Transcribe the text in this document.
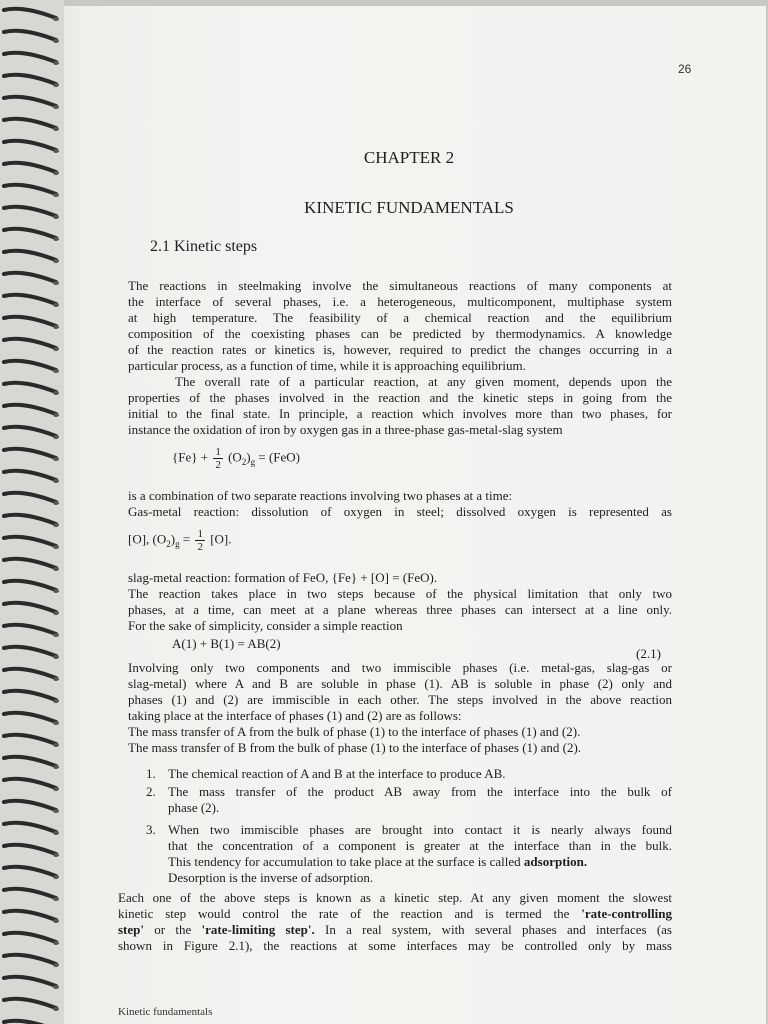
26
CHAPTER 2
KINETIC FUNDAMENTALS
2.1 Kinetic steps
The reactions in steelmaking involve the simultaneous reactions of many components at
the interface of several phases, i.e. a heterogeneous, multicomponent, multiphase system
at high temperature. The feasibility of a chemical reaction and the equilibrium
composition of the coexisting phases can be predicted by thermodynamics. A knowledge
of the reaction rates or kinetics is, however, required to predict the changes occurring in a
particular process, as a function of time, while it is approaching equilibrium.
The overall rate of a particular reaction, at any given moment, depends upon the
properties of the phases involved in the reaction and the kinetic steps in going from the
initial to the final state. In principle, a reaction which involves more than two phases, for
instance the oxidation of iron by oxygen gas in a three-phase gas-metal-slag system
$\{Fe\} + \frac{1}{2} (O_2)_g = (FeO)$
is a combination of two separate reactions involving two phases at a time:
Gas-metal reaction: dissolution of oxygen in steel; dissolved oxygen is represented as
[O], $(O_2)_g = \frac{1}{2} [O]$.
slag-metal reaction: formation of FeO, {Fe} + [O] = (FeO).
The reaction takes place in two steps because of the physical limitation that only two
phases, at a time, can meet at a plane whereas three phases can intersect at a line only.
For the sake of simplicity, consider a simple reaction
A(1) + B(1) = AB(2)
(2.1)
Involving only two components and two immiscible phases (i.e. metal-gas, slag-gas or
slag-metal) where A and B are soluble in phase (1). AB is soluble in phase (2) only and
phases (1) and (2) are immiscible in each other. The steps involved in the above reaction
taking place at the interface of phases (1) and (2) are as follows:
The mass transfer of A from the bulk of phase (1) to the interface of phases (1) and (2).
The mass transfer of B from the bulk of phase (1) to the interface of phases (1) and (2).
1. The chemical reaction of A and B at the interface to produce AB.
2. The mass transfer of the product AB away from the interface into the bulk of
phase (2).
3. When two immiscible phases are brought into contact it is nearly always found
that the concentration of a component is greater at the interface than in the bulk.
This tendency for accumulation to take place at the surface is called adsorption.
Desorption is the inverse of adsorption.
Each one of the above steps is known as a kinetic step. At any given moment the slowest
kinetic step would control the rate of the reaction and is termed the 'rate-controlling
step' or the 'rate-limiting step'. In a real system, with several phases and interfaces (as
shown in Figure 2.1), the reactions at some interfaces may be controlled only by mass
Kinetic fundamentals
